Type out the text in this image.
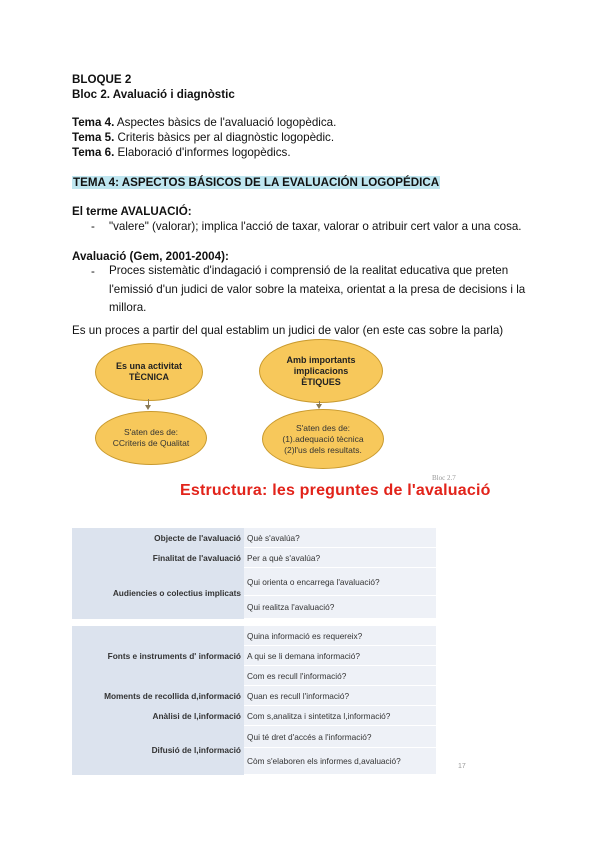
BLOQUE 2
Bloc 2. Avaluació i diagnòstic
Tema 4. Aspectes bàsics de l'avaluació logopèdica.
Tema 5. Criteris bàsics per al diagnòstic logopèdic.
Tema 6. Elaboració d'informes logopèdics.
TEMA 4: ASPECTOS BÁSICOS DE LA EVALUACIÓN LOGOPÉDICA
El terme AVALUACIÓ:
- "valere" (valorar); implica l'acció de taxar, valorar o atribuir cert valor a una cosa.
Avaluació (Gem, 2001-2004):
- Proces sistemàtic d'indagació i comprensió de la realitat educativa que preten l'emissió d'un judici de valor sobre la mateixa, orientat a la presa de decisions i la millora.
Es un proces a partir del qual establim un judici de valor (en este cas sobre la parla)
Es una activitat
TÈCNICA
S'aten des de:
CCriteris de Qualitat
Amb importants
implicacions
ÈTIQUES
S'aten des de:
(1).adequació tècnica
(2)l'us dels resultats.
Bloc 2.7
Estructura: les preguntes de l'avaluació
Objecte de l'avaluació	Què s'avalúa?
Finalitat de l'avaluació	Per a què s'avalúa?
Audiencies o colectius implicats	Qui orienta o encarrega l'avaluació?
	Qui realitza l'avaluació?
Fonts e instruments d' informació	Quina informació es requereix?
	A qui se li demana informació?
	Com es recull l'informació?
Moments de recollida d,informació	Quan es recull l'informació?
Anàlisi de l,informació	Com s,analitza i sintetitza l,informació?
Difusió de l,informació	Qui té dret d'accés a l'informació?
	Còm s'elaboren els informes d,avaluació?
17
